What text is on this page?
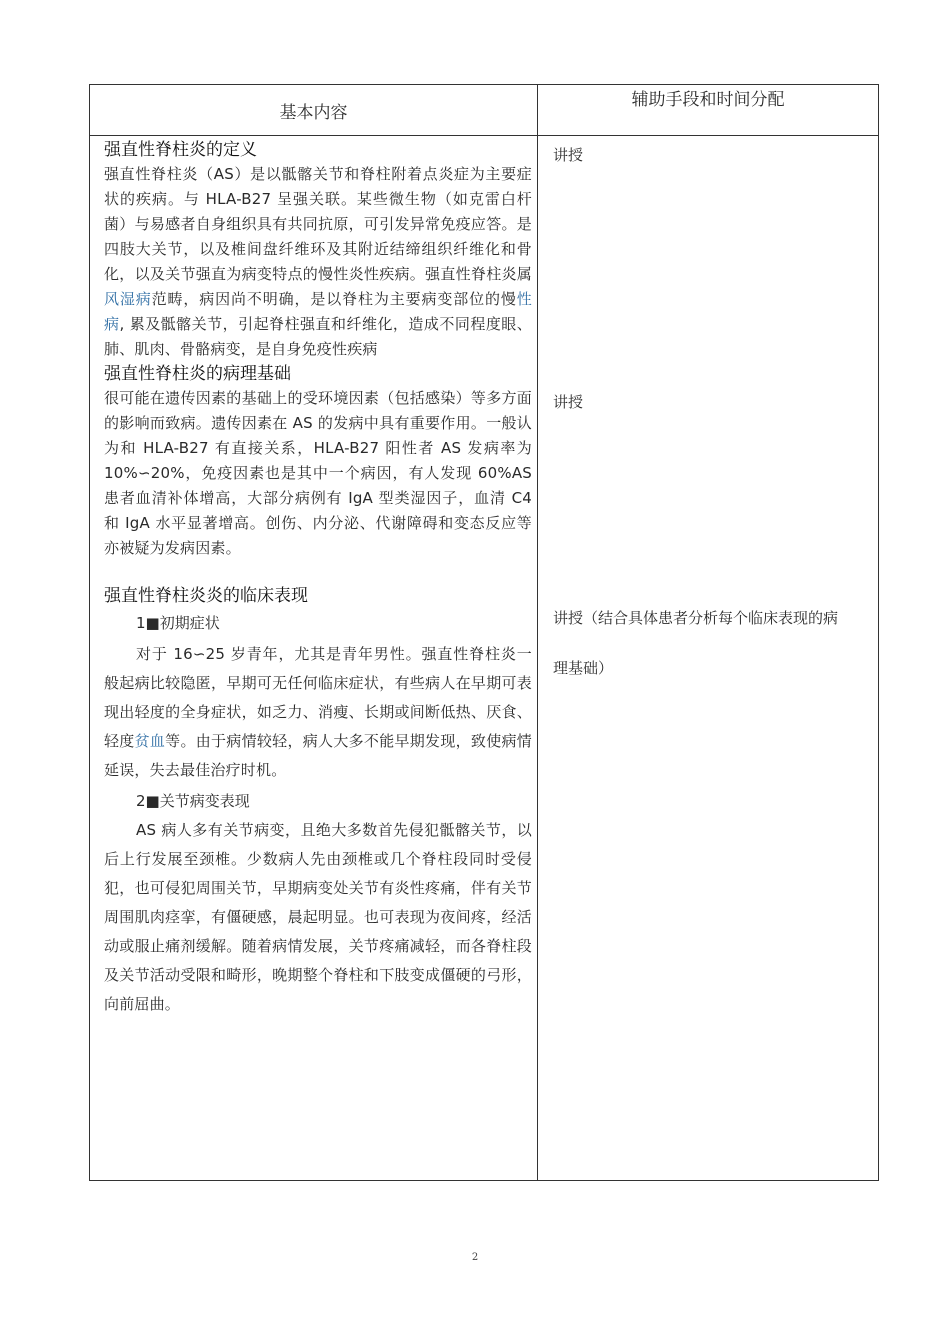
基本内容
辅助手段和时间分配

强直性脊柱炎的定义

强直性脊柱炎（AS）是以骶髂关节和脊柱附着点炎症为主要症状的疾病。与 HLA-B27 呈强关联。某些微生物（如克雷白杆菌）与易感者自身组织具有共同抗原，可引发异常免疫应答。是四肢大关节，以及椎间盘纤维环及其附近结缔组织纤维化和骨化，以及关节强直为病变特点的慢性炎性疾病。强直性脊柱炎属风湿病范畴，病因尚不明确，是以脊柱为主要病变部位的慢性病, 累及骶髂关节，引起脊柱强直和纤维化，造成不同程度眼、肺、肌肉、骨骼病变，是自身免疫性疾病

强直性脊柱炎的病理基础

很可能在遗传因素的基础上的受环境因素（包括感染）等多方面的影响而致病。遗传因素在 AS 的发病中具有重要作用。一般认为和 HLA-B27 有直接关系，HLA-B27 阳性者 AS 发病率为 10%∽20%，免疫因素也是其中一个病因，有人发现 60%AS 患者血清补体增高，大部分病例有 IgA 型类湿因子，血清 C4 和 IgA 水平显著增高。创伤、内分泌、代谢障碍和变态反应等亦被疑为发病因素。

强直性脊柱炎炎的临床表现

1■初期症状

对于 16∽25 岁青年，尤其是青年男性。强直性脊柱炎一般起病比较隐匿，早期可无任何临床症状，有些病人在早期可表现出轻度的全身症状，如乏力、消瘦、长期或间断低热、厌食、轻度贫血等。由于病情较轻，病人大多不能早期发现，致使病情延误，失去最佳治疗时机。

2■关节病变表现

AS 病人多有关节病变，且绝大多数首先侵犯骶髂关节，以后上行发展至颈椎。少数病人先由颈椎或几个脊柱段同时受侵犯，也可侵犯周围关节，早期病变处关节有炎性疼痛，伴有关节周围肌肉痉挛，有僵硬感，晨起明显。也可表现为夜间疼，经活动或服止痛剂缓解。随着病情发展，关节疼痛减轻，而各脊柱段及关节活动受限和畸形，晚期整个脊柱和下肢变成僵硬的弓形，向前屈曲。

讲授

讲授

讲授（结合具体患者分析每个临床表现的病

理基础）

2
